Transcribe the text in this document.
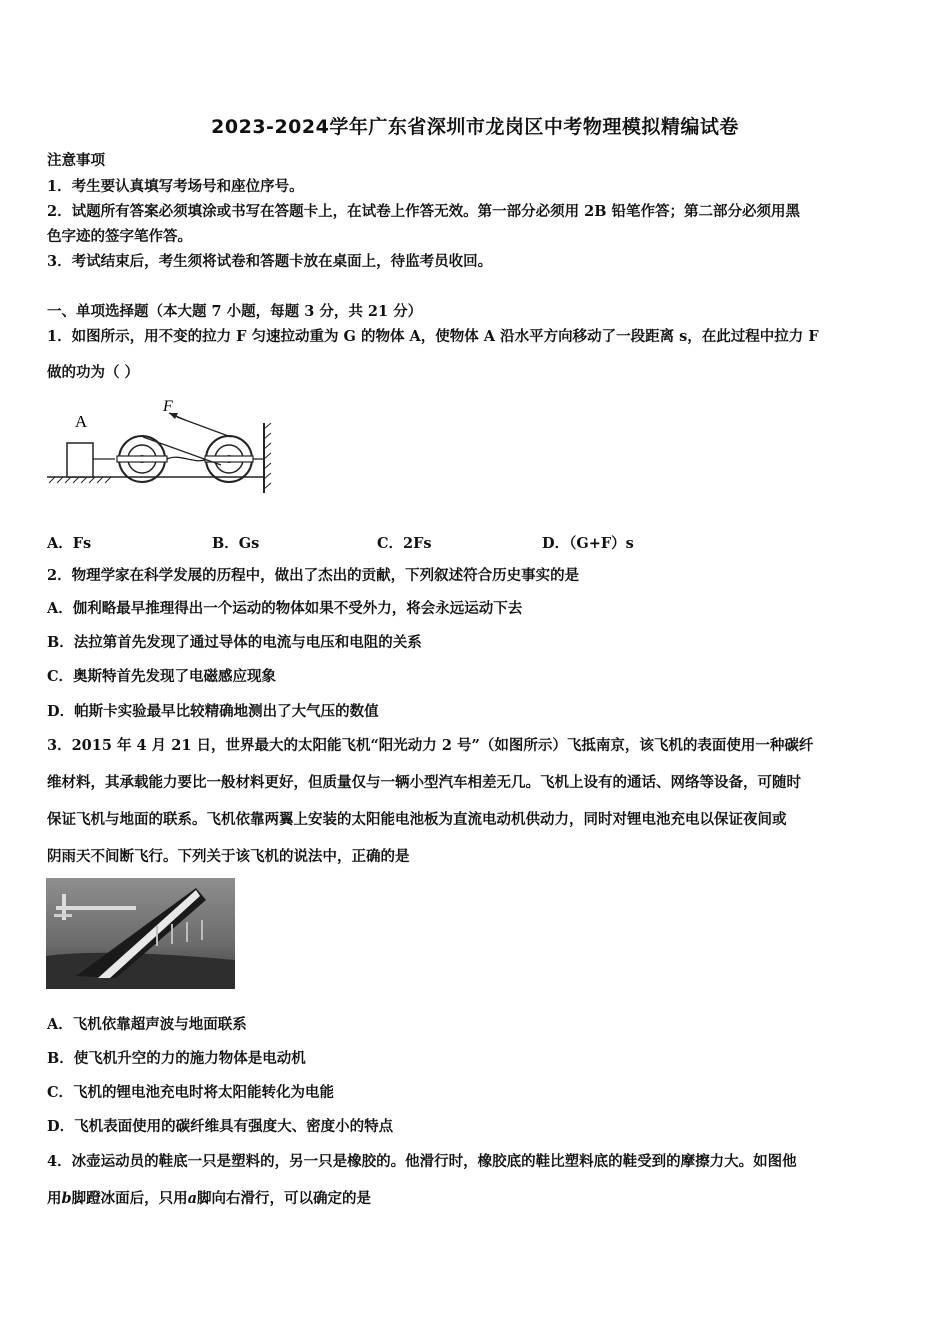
2023-2024学年广东省深圳市龙岗区中考物理模拟精编试卷
注意事项
1．考生要认真填写考场号和座位序号。
2．试题所有答案必须填涂或书写在答题卡上，在试卷上作答无效。第一部分必须用 2B 铅笔作答；第二部分必须用黑
色字迹的签字笔作答。
3．考试结束后，考生须将试卷和答题卡放在桌面上，待监考员收回。
一、单项选择题（本大题 7 小题，每题 3 分，共 21 分）
1．如图所示，用不变的拉力 F 匀速拉动重为 G 的物体 A，使物体 A 沿水平方向移动了一段距离 s，在此过程中拉力 F
做的功为（ ）
A
F
A．Fs	B．Gs	C．2Fs	D．（G+F）s
2．物理学家在科学发展的历程中，做出了杰出的贡献，下列叙述符合历史事实的是
A．伽利略最早推理得出一个运动的物体如果不受外力，将会永远运动下去
B．法拉第首先发现了通过导体的电流与电压和电阻的关系
C．奥斯特首先发现了电磁感应现象
D．帕斯卡实验最早比较精确地测出了大气压的数值
3．2015 年 4 月 21 日，世界最大的太阳能飞机“阳光动力 2 号”（如图所示）飞抵南京，该飞机的表面使用一种碳纤
维材料，其承载能力要比一般材料更好，但质量仅与一辆小型汽车相差无几。飞机上设有的通话、网络等设备，可随时
保证飞机与地面的联系。飞机依靠两翼上安装的太阳能电池板为直流电动机供动力，同时对锂电池充电以保证夜间或
阴雨天不间断飞行。下列关于该飞机的说法中，正确的是
A．飞机依靠超声波与地面联系
B．使飞机升空的力的施力物体是电动机
C．飞机的锂电池充电时将太阳能转化为电能
D．飞机表面使用的碳纤维具有强度大、密度小的特点
4．冰壶运动员的鞋底一只是塑料的，另一只是橡胶的。他滑行时，橡胶底的鞋比塑料底的鞋受到的摩擦力大。如图他
用b脚蹬冰面后，只用a脚向右滑行，可以确定的是
